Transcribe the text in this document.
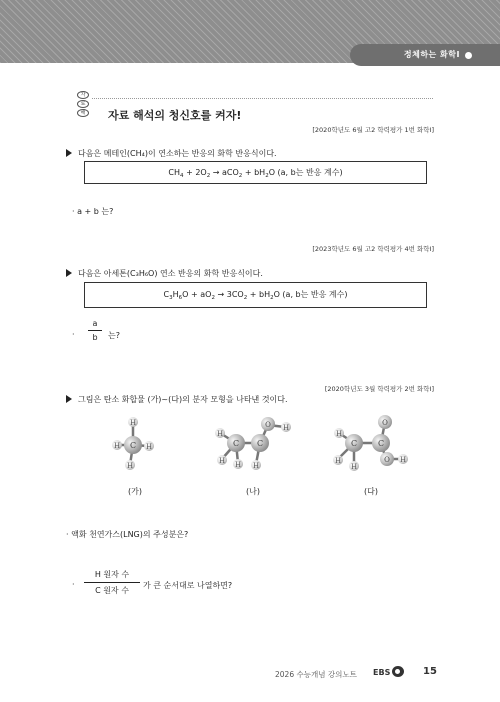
정체하는 화학Ⅰ
자
료
해	자료 해석의 청신호를 켜자!
[2020학년도 6월 고2 학력평가 1번 화학Ⅰ]
다음은 메테인(CH₄)이 연소하는 반응의 화학 반응식이다.
$CH_4 + 2O_2 \to aCO_2 + bH_2O$ (a, b는 반응 계수)
· a + b 는?
[2023학년도 6월 고2 학력평가 4번 화학Ⅰ]
다음은 아세톤(C₃H₆O) 연소 반응의 화학 반응식이다.
$C_3H_6O + aO_2 \to 3CO_2 + bH_2O$ (a, b는 반응 계수)
·
a
b	는?
[2020학년도 3월 학력평가 2번 화학Ⅰ]
그림은 탄소 화합물 (가)~(다)의 분자 모형을 나타낸 것이다.
H
H	H
H
C
H
H H H
H
O
C C
H
H
H
H
O
O
C	C
(가)	(나)	(다)
· 액화 천연가스(LNG)의 주성분은?
·
H 원자 수
C 원자 수
가 큰 순서대로 나열하면?
2026 수능개념 강의노트 EBS	15
